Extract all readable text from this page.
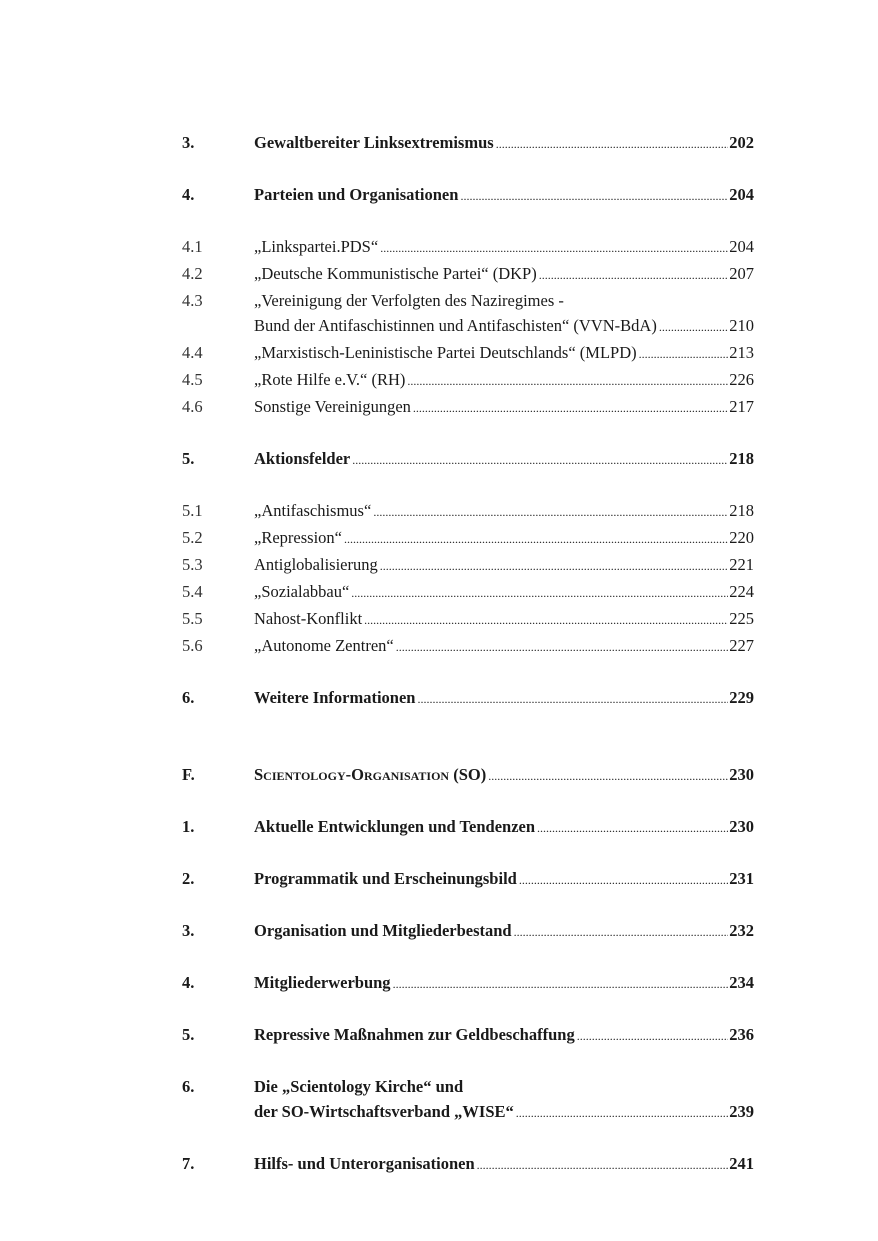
3.	Gewaltbereiter Linksextremismus .....	202
4.	Parteien und Organisationen .....	204
4.1	„Linkspartei.PDS“ .....	204
4.2	„Deutsche Kommunistische Partei“ (DKP) .....	207
4.3	„Vereinigung der Verfolgten des Naziregimes -
Bund der Antifaschistinnen und Antifaschisten“ (VVN-BdA) .....	210
4.4	„Marxistisch-Leninistische Partei Deutschlands“ (MLPD) .....	213
4.5	„Rote Hilfe e.V.“ (RH) .....	226
4.6	Sonstige Vereinigungen .....	217
5.	Aktionsfelder .....	218
5.1	„Antifaschismus“ .....	218
5.2	„Repression“ .....	220
5.3	Antiglobalisierung .....	221
5.4	„Sozialabbau“ .....	224
5.5	Nahost-Konflikt .....	225
5.6	„Autonome Zentren“ .....	227
6.	Weitere Informationen .....	229
F.	Scientology-Organisation (SO) .....	230
1.	Aktuelle Entwicklungen und Tendenzen .....	230
2.	Programmatik und Erscheinungsbild .....	231
3.	Organisation und Mitgliederbestand .....	232
4.	Mitgliederwerbung .....	234
5.	Repressive Maßnahmen zur Geldbeschaffung .....	236
6.	Die „Scientology Kirche“ und
der SO-Wirtschaftsverband „WISE“ .....	239
7.	Hilfs- und Unterorganisationen .....	241
